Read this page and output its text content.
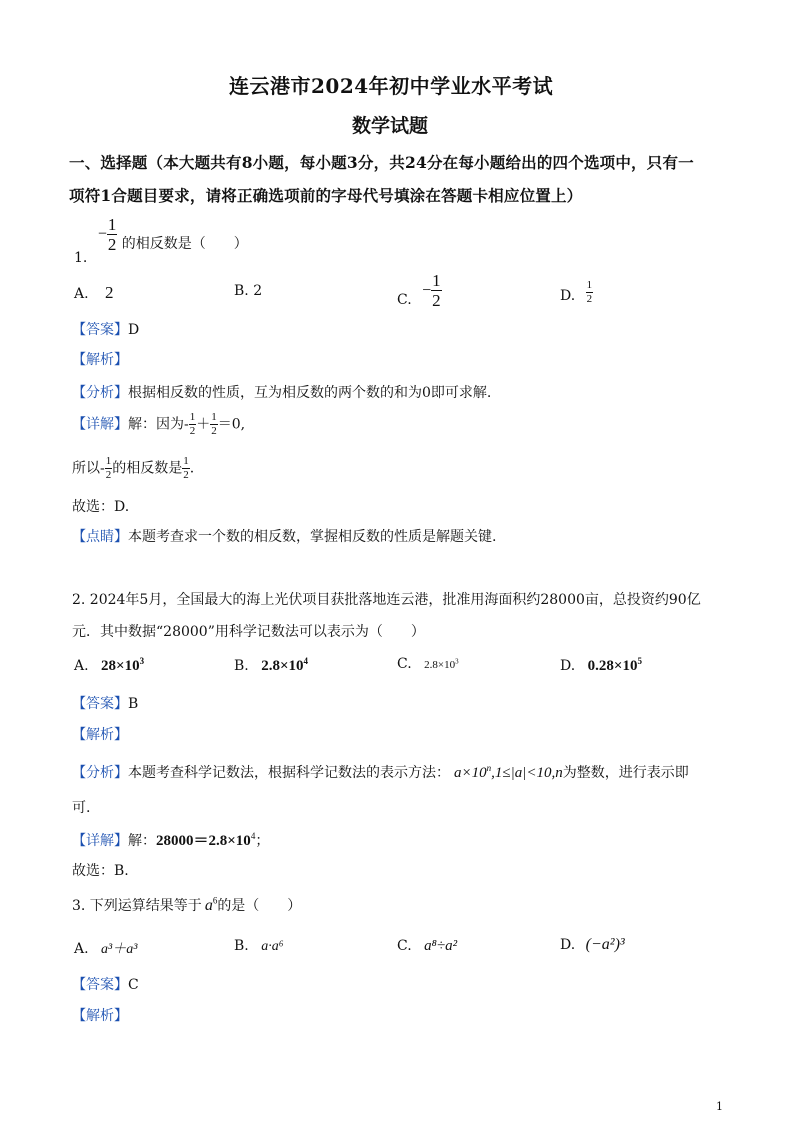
连云港市2024年初中学业水平考试
数学试题
一、选择题（本大题共有8小题，每小题3分，共24分在每小题给出的四个选项中，只有一
项符1合题目要求，请将正确选项前的字母代号填涂在答题卡相应位置上）
1. − $\frac{1}{2}$ 的相反数是（　　）
A. 2	B. 2
C. − $\frac{1}{2}$	D. $\frac{1}{2}$
【答案】D
【解析】
【分析】根据相反数的性质，互为相反数的两个数的和为0即可求解.
【详解】解：因为- $\frac{1}{2} + \frac{1}{2} =0$,
所以- $\frac{1}{2}$ 的相反数是 $\frac{1}{2}$ .
故选：D.
【点睛】本题考查求一个数的相反数，掌握相反数的性质是解题关键.
2. 2024年5月，全国最大的海上光伏项目获批落地连云港，批准用海面积约28000亩，总投资约90亿
元．其中数据“28000”用科学记数法可以表示为（　　）
A. $28\times 10^3$	B. $2.8\times 10^4$	C. $2.8\times 10^3$	D. $0.28\times 10^5$
【答案】B
【解析】
【分析】本题考查科学记数法，根据科学记数法的表示方法： $a\times 10^n,1\le|a|<10,n$为整数，进行表示即
可.
【详解】解：$28000=2.8\times 10^4$；
故选：B.
3. 下列运算结果等于 $a^6$的是（　　）
A. a³＋a³	B. a·a⁶	C. a⁸÷a²	D. (−a²)³
【答案】C
【解析】
1
